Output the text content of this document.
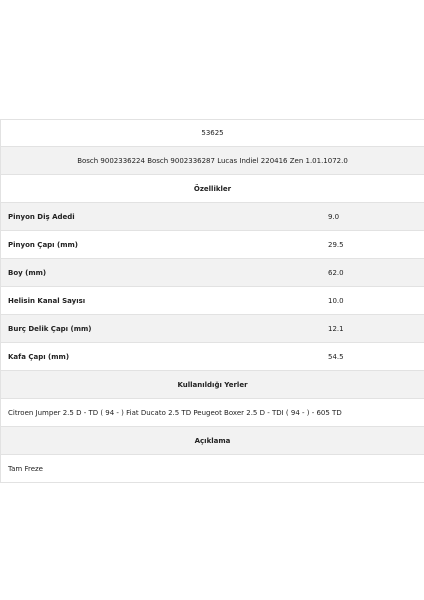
53625
Bosch 9002336224 Bosch 9002336287 Lucas Indiel 220416 Zen 1.01.1072.0
Özellikler
Pinyon Diş Adedi	9.0
Pinyon Çapı (mm)	29.5
Boy (mm)	62.0
Helisin Kanal Sayısı	10.0
Burç Delik Çapı (mm)	12.1
Kafa Çapı (mm)	54.5
Kullanıldığı Yerler
Citroen Jumper 2.5 D - TD ( 94 - ) Fiat Ducato 2.5 TD Peugeot Boxer 2.5 D - TDI ( 94 - ) - 605 TD
Açıklama
Tam Freze
